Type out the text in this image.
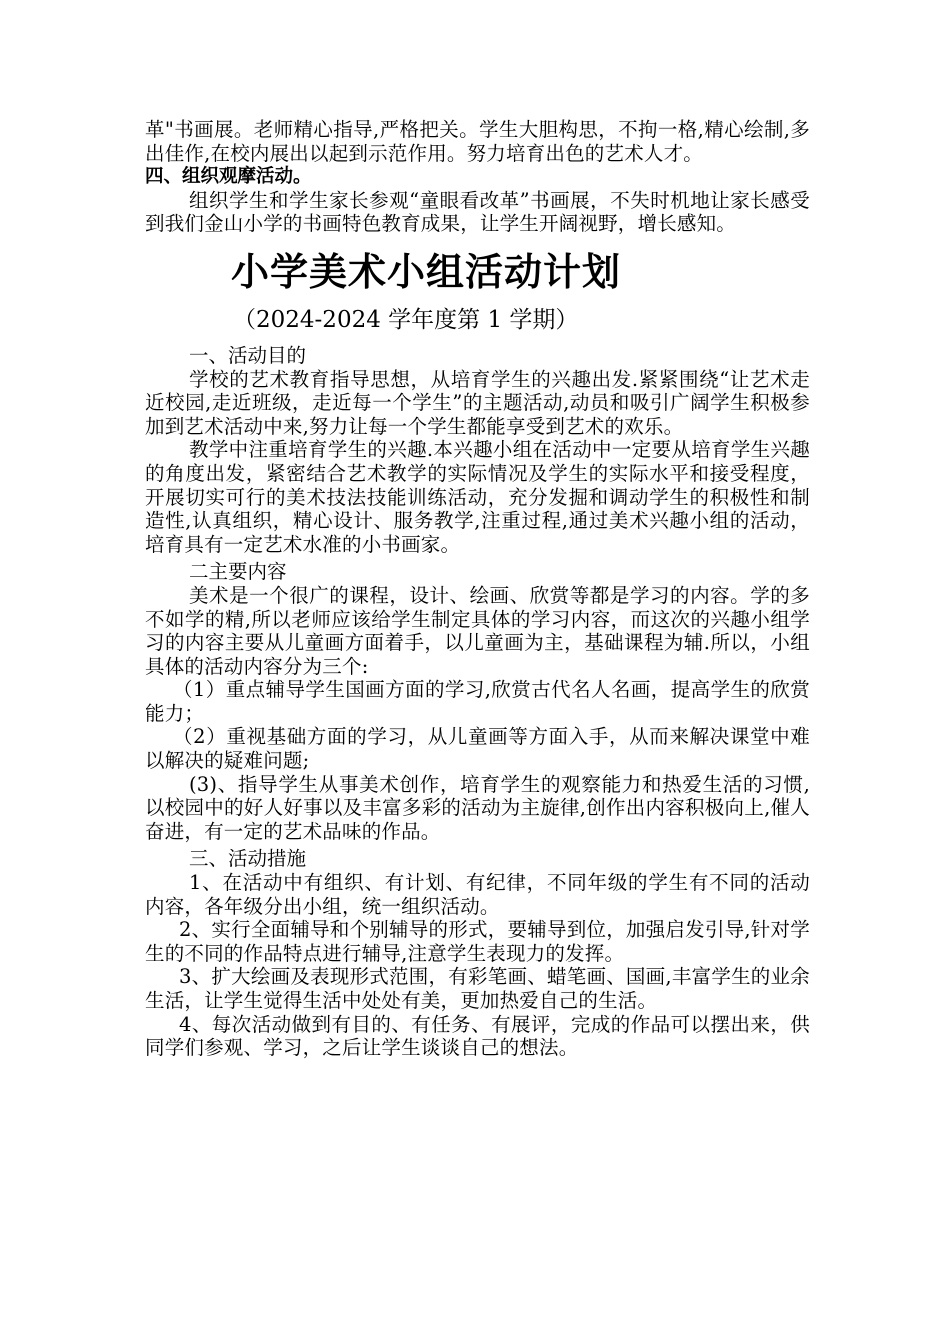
革"书画展。老师精心指导,严格把关。学生大胆构思，不拘一格,精心绘制,多出佳作,在校内展出以起到示范作用。努力培育出色的艺术人才。

四、组织观摩活动。

组织学生和学生家长参观“童眼看改革”书画展，不失时机地让家长感受到我们金山小学的书画特色教育成果，让学生开阔视野，增长感知。

小学美术小组活动计划

（2024-2024 学年度第 1 学期）

一、活动目的

学校的艺术教育指导思想，从培育学生的兴趣出发.紧紧围绕“让艺术走近校园,走近班级，走近每一个学生”的主题活动,动员和吸引广阔学生积极参加到艺术活动中来,努力让每一个学生都能享受到艺术的欢乐。

教学中注重培育学生的兴趣.本兴趣小组在活动中一定要从培育学生兴趣的角度出发，紧密结合艺术教学的实际情况及学生的实际水平和接受程度，开展切实可行的美术技法技能训练活动，充分发掘和调动学生的积极性和制造性,认真组织，精心设计、服务教学,注重过程,通过美术兴趣小组的活动，培育具有一定艺术水准的小书画家。

二主要内容

美术是一个很广的课程，设计、绘画、欣赏等都是学习的内容。学的多不如学的精,所以老师应该给学生制定具体的学习内容，而这次的兴趣小组学习的内容主要从儿童画方面着手，以儿童画为主，基础课程为辅.所以，小组具体的活动内容分为三个:

（1）重点辅导学生国画方面的学习,欣赏古代名人名画，提高学生的欣赏能力；

（2）重视基础方面的学习，从儿童画等方面入手，从而来解决课堂中难以解决的疑难问题;

(3)、指导学生从事美术创作，培育学生的观察能力和热爱生活的习惯,以校园中的好人好事以及丰富多彩的活动为主旋律,创作出内容积极向上,催人奋进，有一定的艺术品味的作品。

三、活动措施

1、在活动中有组织、有计划、有纪律，不同年级的学生有不同的活动内容，各年级分出小组，统一组织活动。

2、实行全面辅导和个别辅导的形式，要辅导到位，加强启发引导,针对学生的不同的作品特点进行辅导,注意学生表现力的发挥。

3、扩大绘画及表现形式范围，有彩笔画、蜡笔画、国画,丰富学生的业余生活，让学生觉得生活中处处有美，更加热爱自己的生活。

4、每次活动做到有目的、有任务、有展评，完成的作品可以摆出来，供同学们参观、学习，之后让学生谈谈自己的想法。
